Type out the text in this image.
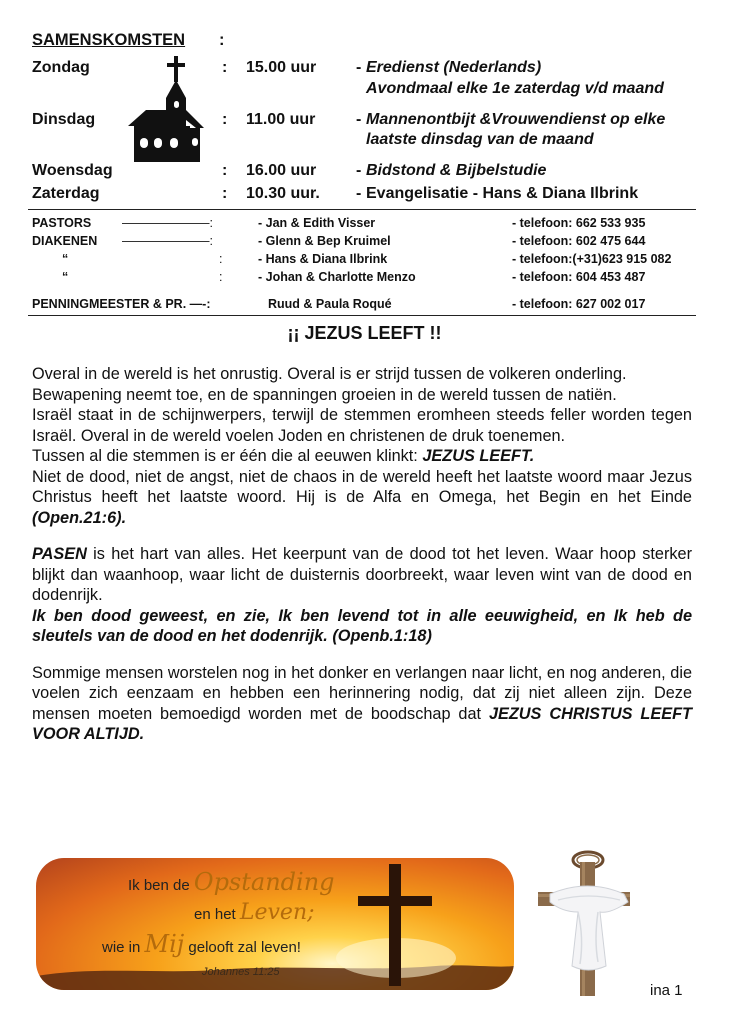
SAMENSKOMSTEN :
Zondag	: 15.00 uur - Eredienst (Nederlands)
Avondmaal elke 1e zaterdag v/d maand
Dinsdag	: 11.00 uur	- Mannenontbijt &Vrouwendienst op elke
laatste dinsdag van de maand
Woensdag	: 16.00 uur - Bidstond & Bijbelstudie
Zaterdag	: 10.30 uur. - Evangelisatie - Hans & Diana Ilbrink
PASTORS ———————:	- Jan & Edith Visser	- telefoon: 662 533 935
DIAKENEN ———————:	- Glenn & Bep Kruimel	- telefoon: 602 475 644
“	:	- Hans & Diana Ilbrink	- telefoon:(+31)623 915 082
“	:	- Johan & Charlotte Menzo	- telefoon: 604 453 487
PENNINGMEESTER & PR. —-:	Ruud & Paula Roqué	- telefoon: 627 002 017
¡¡ JEZUS LEEFT !!

Overal in de wereld is het onrustig. Overal is er strijd tussen de volkeren onderling.

Bewapening neemt toe, en de spanningen groeien in de wereld tussen de natiën.

Israël staat in de schijnwerpers, terwijl de stemmen eromheen steeds feller worden tegen Israël. Overal in de wereld voelen Joden en christenen de druk toenemen.

Tussen al die stemmen is er één die al eeuwen klinkt: JEZUS LEEFT.

Niet de dood, niet de angst, niet de chaos in de wereld heeft het laatste woord maar Jezus Christus heeft het laatste woord. Hij is de Alfa en Omega, het Begin en het Einde (Open.21:6).

PASEN is het hart van alles. Het keerpunt van de dood tot het leven. Waar hoop sterker blijkt dan waanhoop, waar licht de duisternis doorbreekt, waar leven wint van de dood en dodenrijk.

Ik ben dood geweest, en zie, Ik ben levend tot in alle eeuwigheid, en Ik heb de sleutels van de dood en het dodenrijk. (Openb.1:18)

Sommige mensen worstelen nog in het donker en verlangen naar licht, en nog anderen, die voelen zich eenzaam en hebben een herinnering nodig, dat zij niet alleen zijn. Deze mensen moeten bemoedigd worden met de boodschap dat JEZUS CHRISTUS LEEFT VOOR ALTIJD.

Ik ben de Opstanding
en het Leven;
wie in Mij gelooft zal leven!
Johannes 11:25
ina 1
